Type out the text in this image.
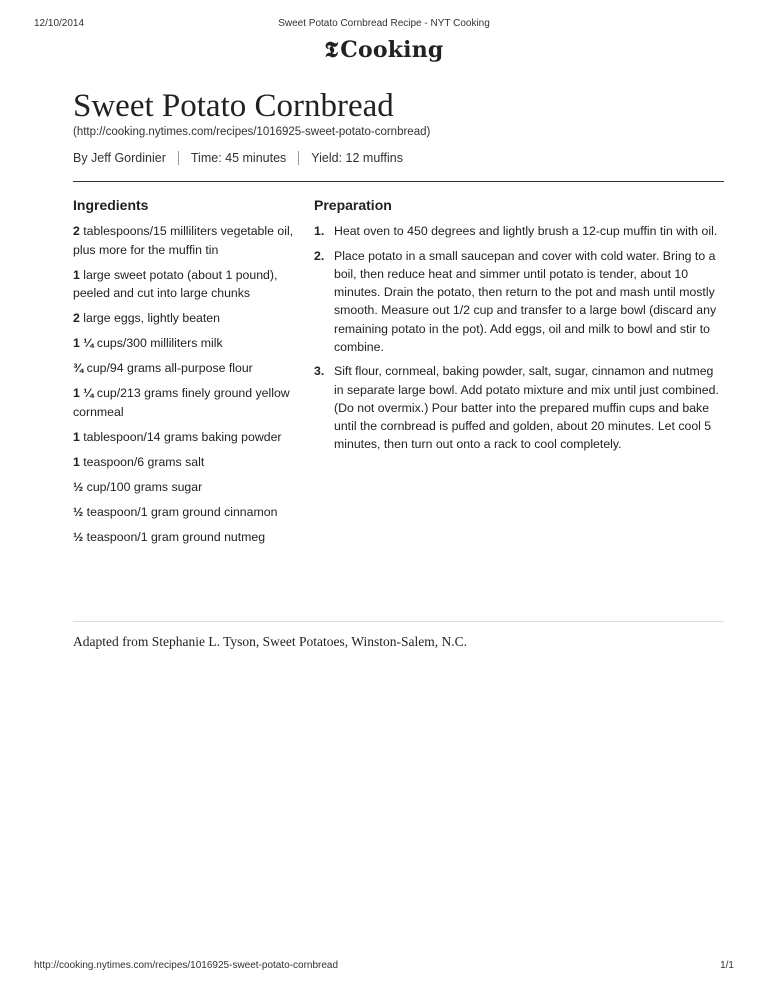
12/10/2014	Sweet Potato Cornbread Recipe - NYT Cooking
𝕿Cooking
Sweet Potato Cornbread
(http://cooking.nytimes.com/recipes/1016925-sweet-potato-cornbread)
By Jeff Gordinier Time: 45 minutes Yield: 12 muffins
Ingredients
2 tablespoons/15 milliliters vegetable oil, plus more for the muffin tin
1 large sweet potato (about 1 pound), peeled and cut into large chunks
2 large eggs, lightly beaten
1 ¼ cups/300 milliliters milk
¾ cup/94 grams all-purpose flour
1 ¼ cup/213 grams finely ground yellow cornmeal
1 tablespoon/14 grams baking powder
1 teaspoon/6 grams salt
½ cup/100 grams sugar
½ teaspoon/1 gram ground cinnamon
½ teaspoon/1 gram ground nutmeg
Preparation
1. Heat oven to 450 degrees and lightly brush a 12-cup muffin tin with oil.
2. Place potato in a small saucepan and cover with cold water. Bring to a boil, then reduce heat and simmer until potato is tender, about 10 minutes. Drain the potato, then return to the pot and mash until mostly smooth. Measure out 1/2 cup and transfer to a large bowl (discard any remaining potato in the pot). Add eggs, oil and milk to bowl and stir to combine.
3. Sift flour, cornmeal, baking powder, salt, sugar, cinnamon and nutmeg in separate large bowl. Add potato mixture and mix until just combined. (Do not overmix.) Pour batter into the prepared muffin cups and bake until the cornbread is puffed and golden, about 20 minutes. Let cool 5 minutes, then turn out onto a rack to cool completely.
Adapted from Stephanie L. Tyson, Sweet Potatoes, Winston-Salem, N.C.
http://cooking.nytimes.com/recipes/1016925-sweet-potato-cornbread	1/1
